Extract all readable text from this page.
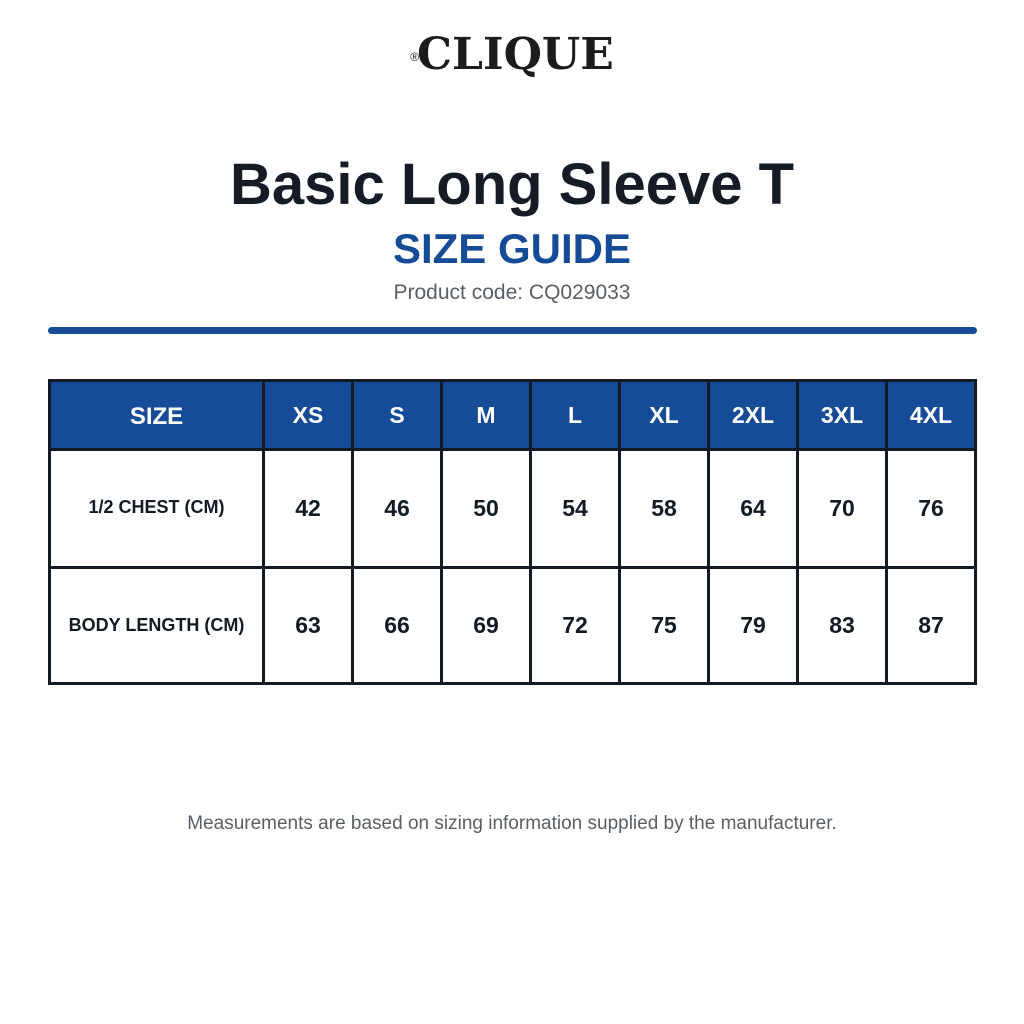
®CLIQUE
Basic Long Sleeve T
SIZE GUIDE
Product code: CQ029033
SIZE	XS	S	M	L	XL	2XL	3XL	4XL
1/2 CHEST (CM)	42	46	50	54	58	64	70	76
BODY LENGTH (CM)	63	66	69	72	75	79	83	87
Measurements are based on sizing information supplied by the manufacturer.
